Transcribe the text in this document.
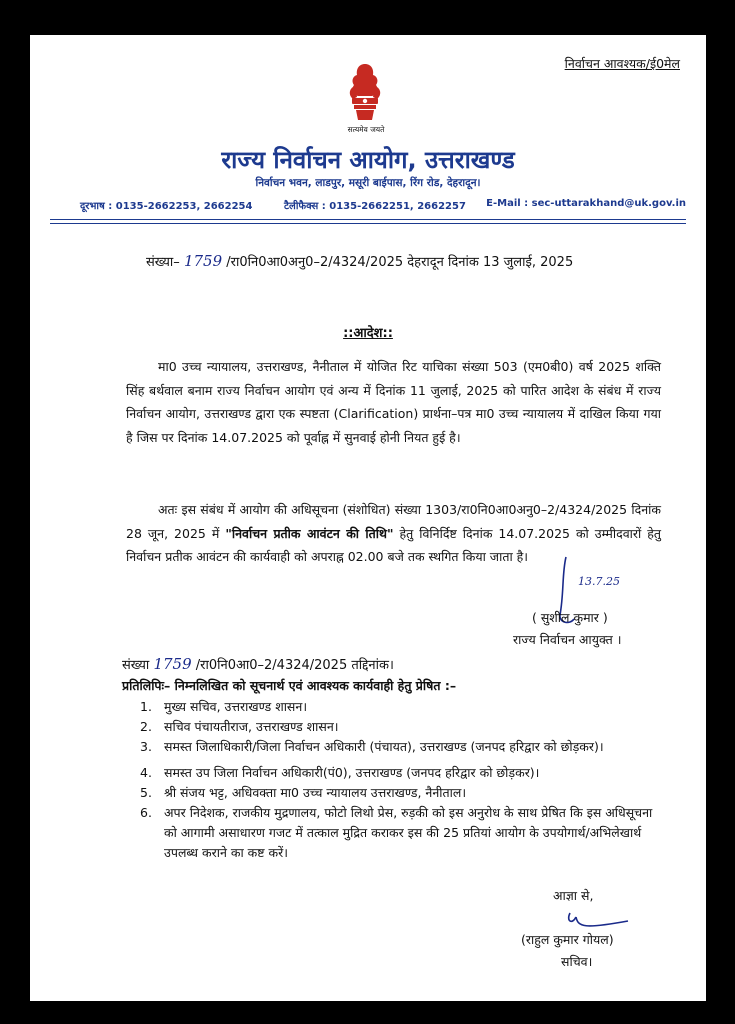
निर्वाचन आवश्यक/ई0मेल
सत्यमेव जयते
राज्य निर्वाचन आयोग, उत्तराखण्ड
निर्वाचन भवन, लाडपुर, मसूरी बाईपास, रिंग रोड, देहरादून।
दूरभाष : 0135-2662253, 2662254	टैलीफैक्स : 0135-2662251, 2662257 E-Mail : sec-uttarakhand@uk.gov.in
संख्या– 1759 /रा0नि0आ0अनु0–2/4324/2025 देहरादून दिनांक 13 जुलाई, 2025
::आदेश::
मा0 उच्च न्यायालय, उत्तराखण्ड, नैनीताल में योजित रिट याचिका संख्या 503 (एम0बी0) वर्ष 2025 शक्ति सिंह बर्थवाल बनाम राज्य निर्वाचन आयोग एवं अन्य में दिनांक 11 जुलाई, 2025 को पारित आदेश के संबंध में राज्य निर्वाचन आयोग, उत्तराखण्ड द्वारा एक स्पष्टता (Clarification) प्रार्थना–पत्र मा0 उच्च न्यायालय में दाखिल किया गया है जिस पर दिनांक 14.07.2025 को पूर्वाह्न में सुनवाई होनी नियत हुई है।
अतः इस संबंध में आयोग की अधिसूचना (संशोधित) संख्या 1303/रा0नि0आ0अनु0–2/4324/2025 दिनांक 28 जून, 2025 में "निर्वाचन प्रतीक आवंटन की तिथि" हेतु विनिर्दिष्ट दिनांक 14.07.2025 को उम्मीदवारों हेतु निर्वाचन प्रतीक आवंटन की कार्यवाही को अपराह्न 02.00 बजे तक स्थगित किया जाता है।
13.7.25
( सुशील कुमार )
राज्य निर्वाचन आयुक्त ।
संख्या 1759 /रा0नि0आ0–2/4324/2025 तद्दिनांक।
प्रतिलिपिः– निम्नलिखित को सूचनार्थ एवं आवश्यक कार्यवाही हेतु प्रेषित :–
1. मुख्य सचिव, उत्तराखण्ड शासन।
2. सचिव पंचायतीराज, उत्तराखण्ड शासन।
3. समस्त जिलाधिकारी/जिला निर्वाचन अधिकारी (पंचायत), उत्तराखण्ड (जनपद हरिद्वार को छोड़कर)।
4. समस्त उप जिला निर्वाचन अधिकारी(पं0), उत्तराखण्ड (जनपद हरिद्वार को छोड़कर)।
5. श्री संजय भट्ट, अधिवक्ता मा0 उच्च न्यायालय उत्तराखण्ड, नैनीताल।
6. अपर निदेशक, राजकीय मुद्रणालय, फोटो लिथो प्रेस, रुड़की को इस अनुरोध के साथ प्रेषित कि इस अधिसूचना को आगामी असाधारण गजट में तत्काल मुद्रित कराकर इस की 25 प्रतियां आयोग के उपयोगार्थ/अभिलेखार्थ उपलब्ध कराने का कष्ट करें।
आज्ञा से,
(राहुल कुमार गोयल)
सचिव।
